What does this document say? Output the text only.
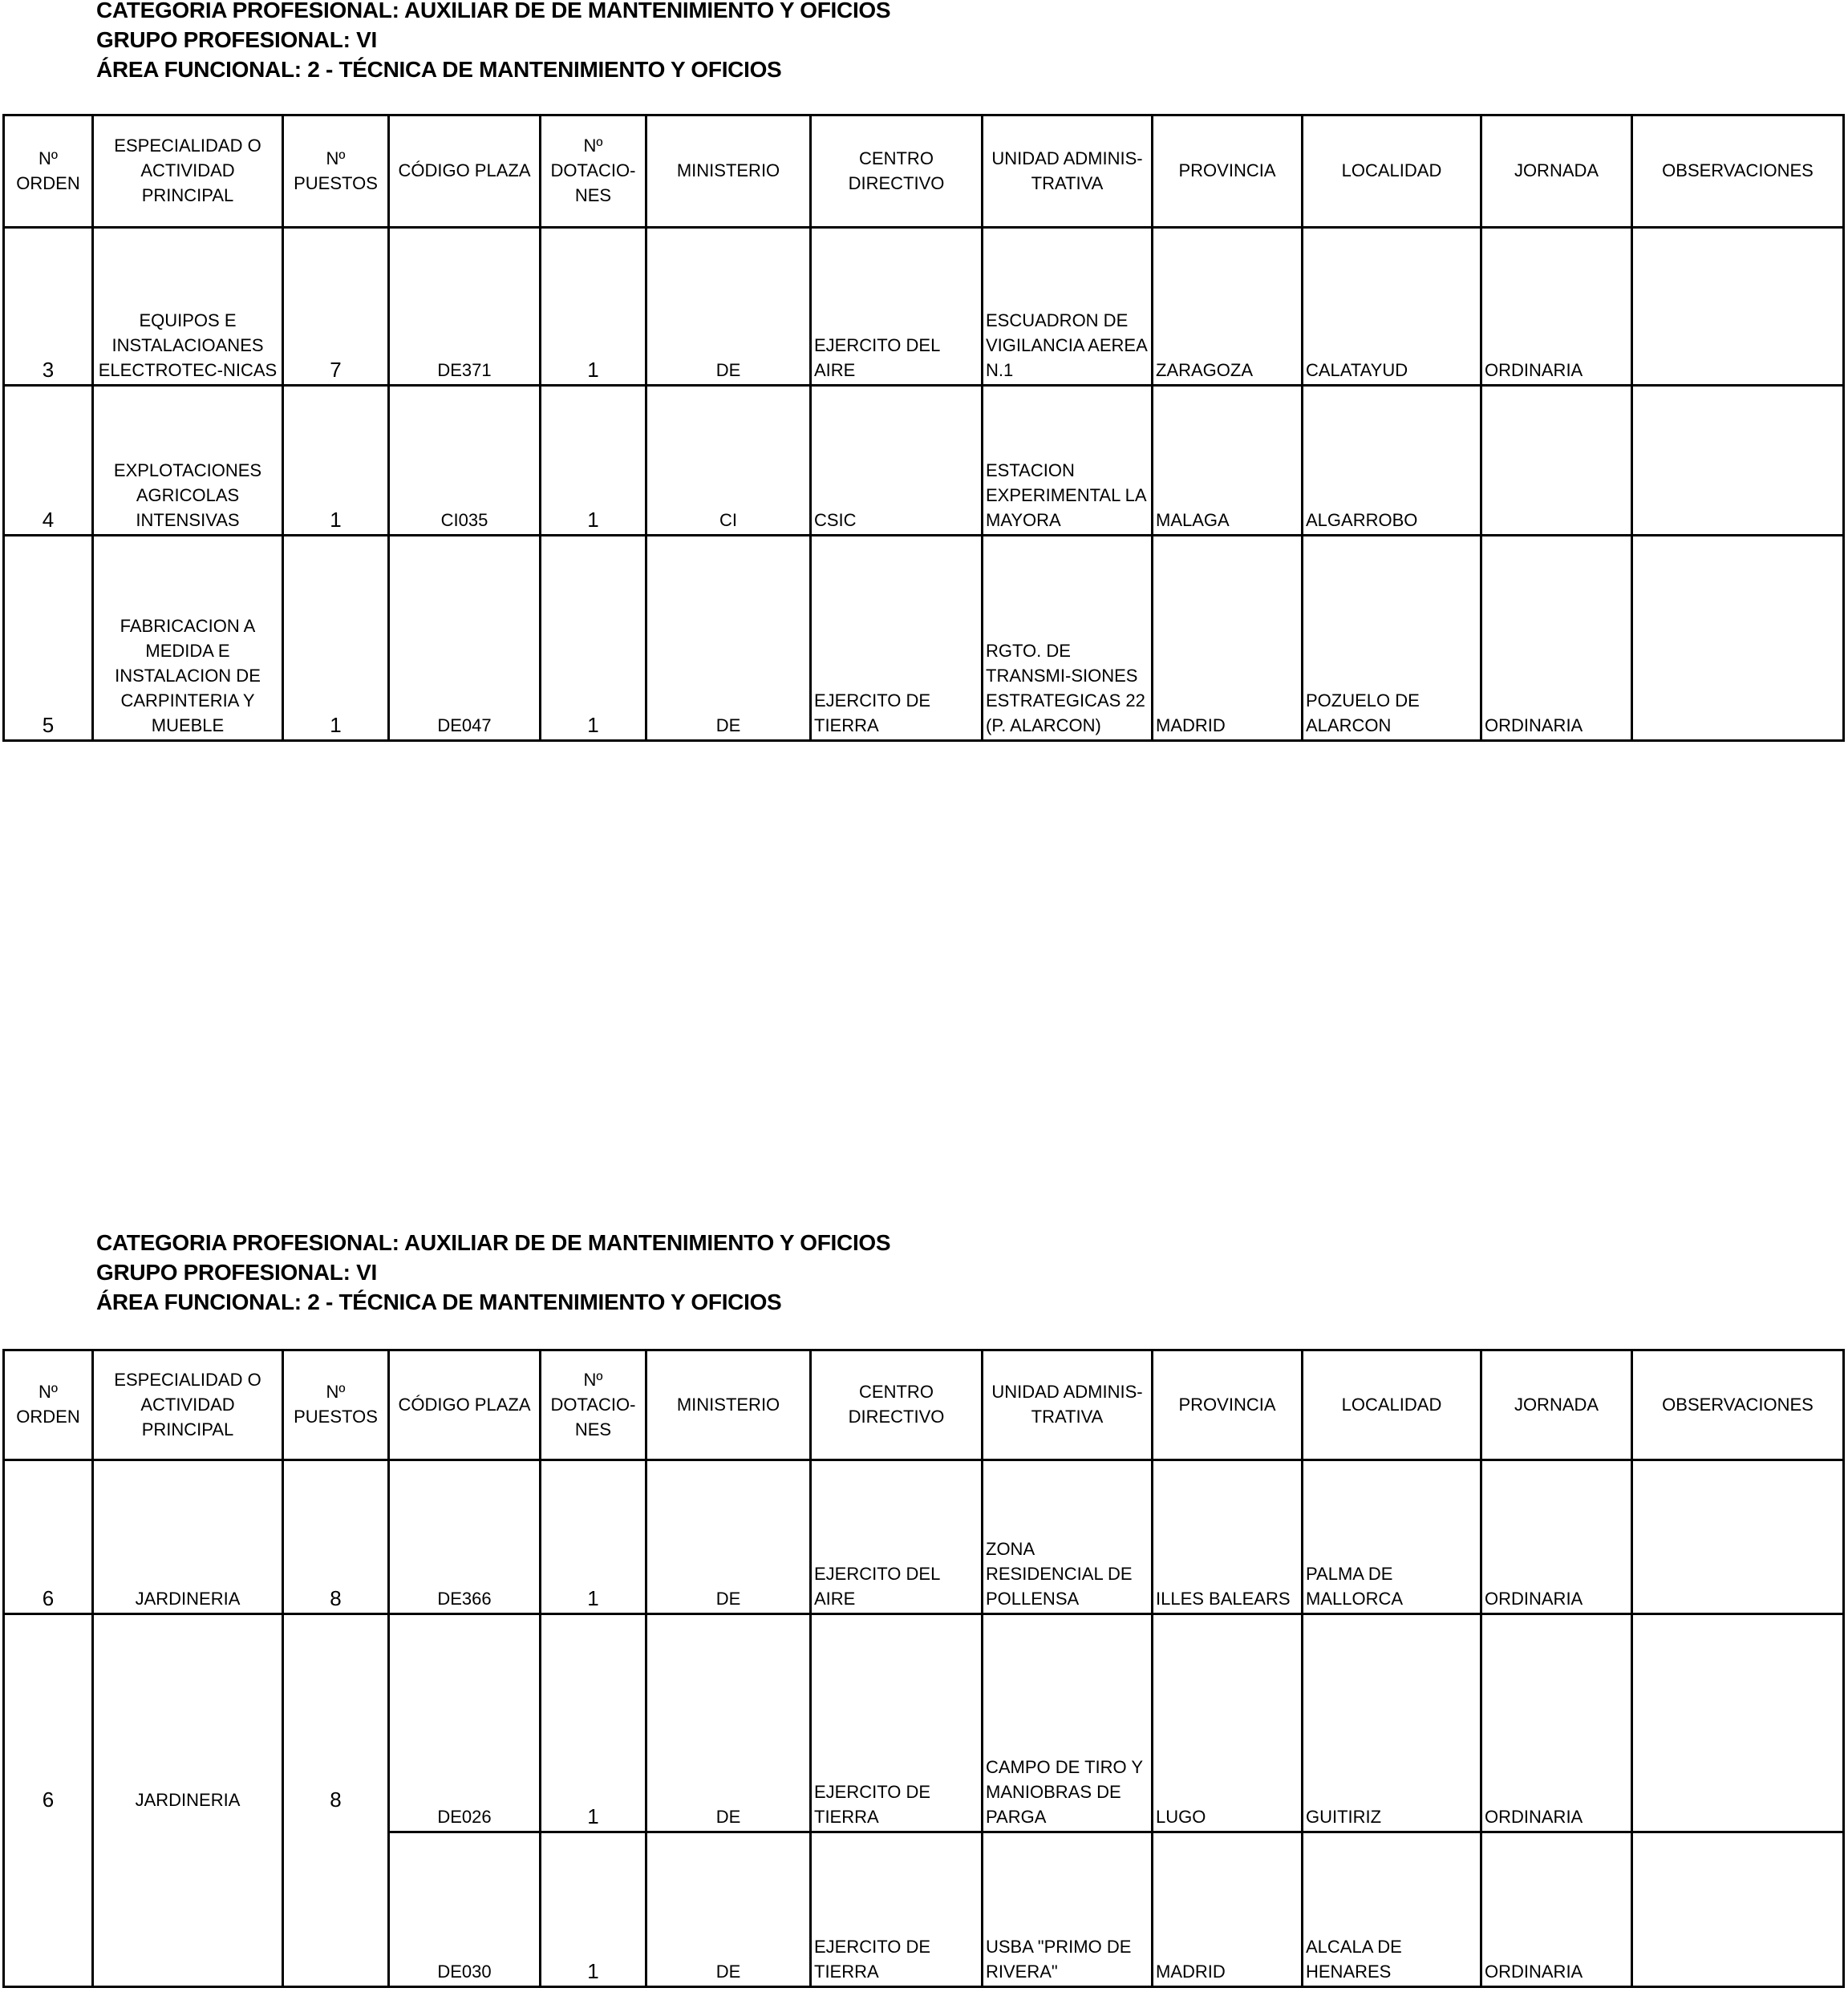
CATEGORIA PROFESIONAL: AUXILIAR DE DE MANTENIMIENTO Y OFICIOS
GRUPO PROFESIONAL: VI
ÁREA FUNCIONAL: 2 - TÉCNICA DE MANTENIMIENTO Y OFICIOS
Nº ORDEN	ESPECIALIDAD O ACTIVIDAD PRINCIPAL	Nº PUESTOS	CÓDIGO PLAZA	Nº DOTACIO-NES	MINISTERIO	CENTRO DIRECTIVO	UNIDAD ADMINIS-TRATIVA	PROVINCIA	LOCALIDAD	JORNADA	OBSERVACIONES
3	EQUIPOS E INSTALACIOANES ELECTROTEC-NICAS	7	DE371	1	DE	EJERCITO DEL AIRE	ESCUADRON DE VIGILANCIA AEREA N.1	ZARAGOZA	CALATAYUD	ORDINARIA	
4	EXPLOTACIONES AGRICOLAS INTENSIVAS	1	CI035	1	CI	CSIC	ESTACION EXPERIMENTAL LA MAYORA	MALAGA	ALGARROBO		
5	FABRICACION A MEDIDA E INSTALACION DE CARPINTERIA Y MUEBLE	1	DE047	1	DE	EJERCITO DE TIERRA	RGTO. DE TRANSMI-SIONES ESTRATEGICAS 22 (P. ALARCON)	MADRID	POZUELO DE ALARCON	ORDINARIA	
CATEGORIA PROFESIONAL: AUXILIAR DE DE MANTENIMIENTO Y OFICIOS
GRUPO PROFESIONAL: VI
ÁREA FUNCIONAL: 2 - TÉCNICA DE MANTENIMIENTO Y OFICIOS
Nº ORDEN	ESPECIALIDAD O ACTIVIDAD PRINCIPAL	Nº PUESTOS	CÓDIGO PLAZA	Nº DOTACIO-NES	MINISTERIO	CENTRO DIRECTIVO	UNIDAD ADMINIS-TRATIVA	PROVINCIA	LOCALIDAD	JORNADA	OBSERVACIONES
6	JARDINERIA	8	DE366	1	DE	EJERCITO DEL AIRE	ZONA RESIDENCIAL DE POLLENSA	ILLES BALEARS	PALMA DE MALLORCA	ORDINARIA	
6	JARDINERIA	8	DE026	1	DE	EJERCITO DE TIERRA	CAMPO DE TIRO Y MANIOBRAS DE PARGA	LUGO	GUITIRIZ	ORDINARIA	
			DE030	1	DE	EJERCITO DE TIERRA	USBA "PRIMO DE RIVERA"	MADRID	ALCALA DE HENARES	ORDINARIA	
